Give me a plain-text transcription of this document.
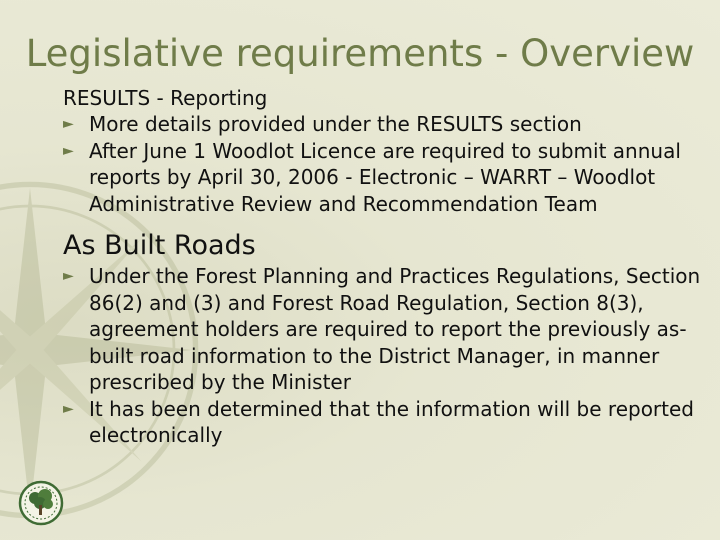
Legislative requirements - Overview
RESULTS - Reporting
► More details provided under the RESULTS section
► After June 1 Woodlot Licence are required to submit annual reports by April 30, 2006 - Electronic – WARRT – Woodlot Administrative Review and Recommendation Team
As Built Roads
► Under the Forest Planning and Practices Regulations, Section 86(2) and (3) and Forest Road Regulation, Section 8(3), agreement holders are required to report the previously as-built road information to the District Manager, in manner prescribed by the Minister
► It has been determined that the information will be reported electronically
